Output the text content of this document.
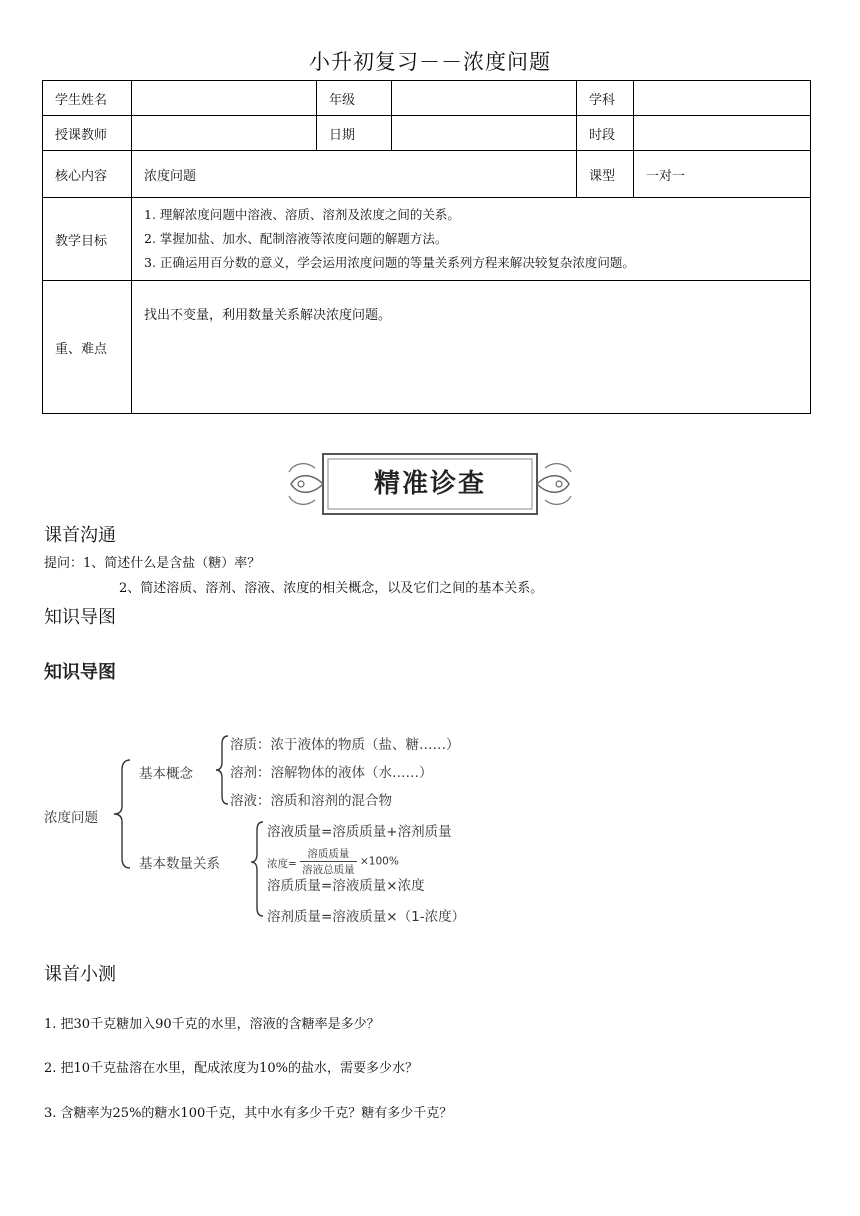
小升初复习－－浓度问题
学生姓名		年级		学科	
授课教师		日期		时段	
核心内容	浓度问题			课型	一对一
教学目标	1. 理解浓度问题中溶液、溶质、溶剂及浓度之间的关系。
2. 掌握加盐、加水、配制溶液等浓度问题的解题方法。
3. 正确运用百分数的意义，学会运用浓度问题的等量关系列方程来解决较复杂浓度问题。				

重、难点	找出不变量，利用数量关系解决浓度问题。				
精准诊查
课首沟通
提问：1、简述什么是含盐（糖）率？
2、简述溶质、溶剂、溶液、浓度的相关概念，以及它们之间的基本关系。
知识导图
知识导图
浓度问题
基本概念
溶质：浓于液体的物质（盐、糖……）
溶剂：溶解物体的液体（水……）
溶液：溶质和溶剂的混合物
基本数量关系
溶液质量=溶质质量+溶剂质量
浓度=
溶质质量
溶液总质量
×100%
溶质质量=溶液质量×浓度
溶剂质量=溶液质量×（1-浓度）
课首小测
1. 把30千克糖加入90千克的水里，溶液的含糖率是多少？
2. 把10千克盐溶在水里，配成浓度为10%的盐水，需要多少水？
3. 含糖率为25%的糖水100千克，其中水有多少千克？糖有多少千克？
